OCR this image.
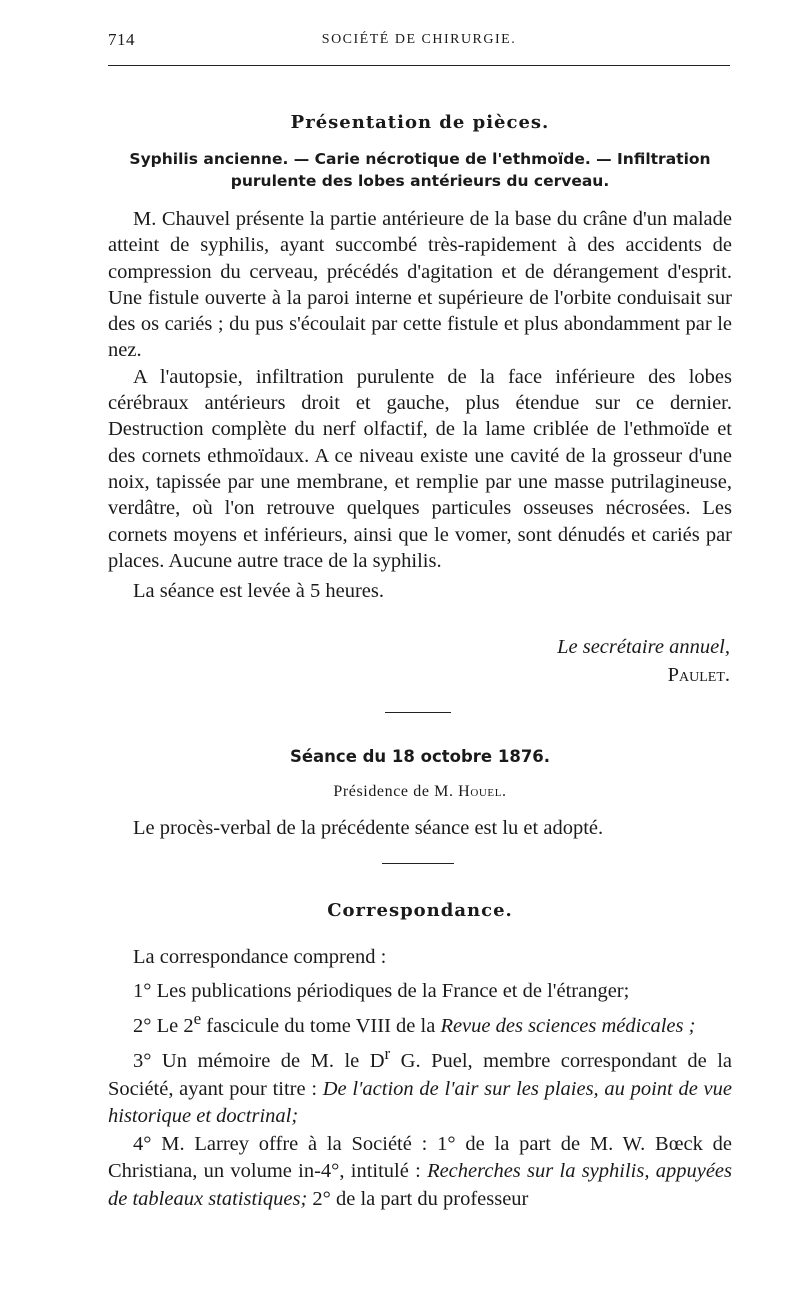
714	SOCIÉTÉ DE CHIRURGIE.
Présentation de pièces.
Syphilis ancienne. — Carie nécrotique de l'ethmoïde. — Infiltration
purulente des lobes antérieurs du cerveau.

M. Chauvel présente la partie antérieure de la base du crâne d'un malade atteint de syphilis, ayant succombé très-rapidement à des accidents de compression du cerveau, précédés d'agitation et de dérangement d'esprit. Une fistule ouverte à la paroi interne et supérieure de l'orbite conduisait sur des os cariés ; du pus s'écoulait par cette fistule et plus abondamment par le nez.

A l'autopsie, infiltration purulente de la face inférieure des lobes cérébraux antérieurs droit et gauche, plus étendue sur ce dernier. Destruction complète du nerf olfactif, de la lame criblée de l'ethmoïde et des cornets ethmoïdaux. A ce niveau existe une cavité de la grosseur d'une noix, tapissée par une membrane, et remplie par une masse putrilagineuse, verdâtre, où l'on retrouve quelques particules osseuses nécrosées. Les cornets moyens et inférieurs, ainsi que le vomer, sont dénudés et cariés par places. Aucune autre trace de la syphilis.

La séance est levée à 5 heures.

Le secrétaire annuel,
Paulet.
Séance du 18 octobre 1876.
Présidence de M. Houel.

Le procès-verbal de la précédente séance est lu et adopté.

Correspondance.

La correspondance comprend :

1° Les publications périodiques de la France et de l'étranger;

2° Le 2e fascicule du tome VIII de la Revue des sciences médicales ;

3° Un mémoire de M. le $D^r$ G. Puel, membre correspondant de la Société, ayant pour titre : De l'action de l'air sur les plaies, au point de vue historique et doctrinal;

4° M. Larrey offre à la Société : 1° de la part de M. W. Bœck de Christiana, un volume in-4°, intitulé : Recherches sur la syphilis, appuyées de tableaux statistiques; 2° de la part du professeur
